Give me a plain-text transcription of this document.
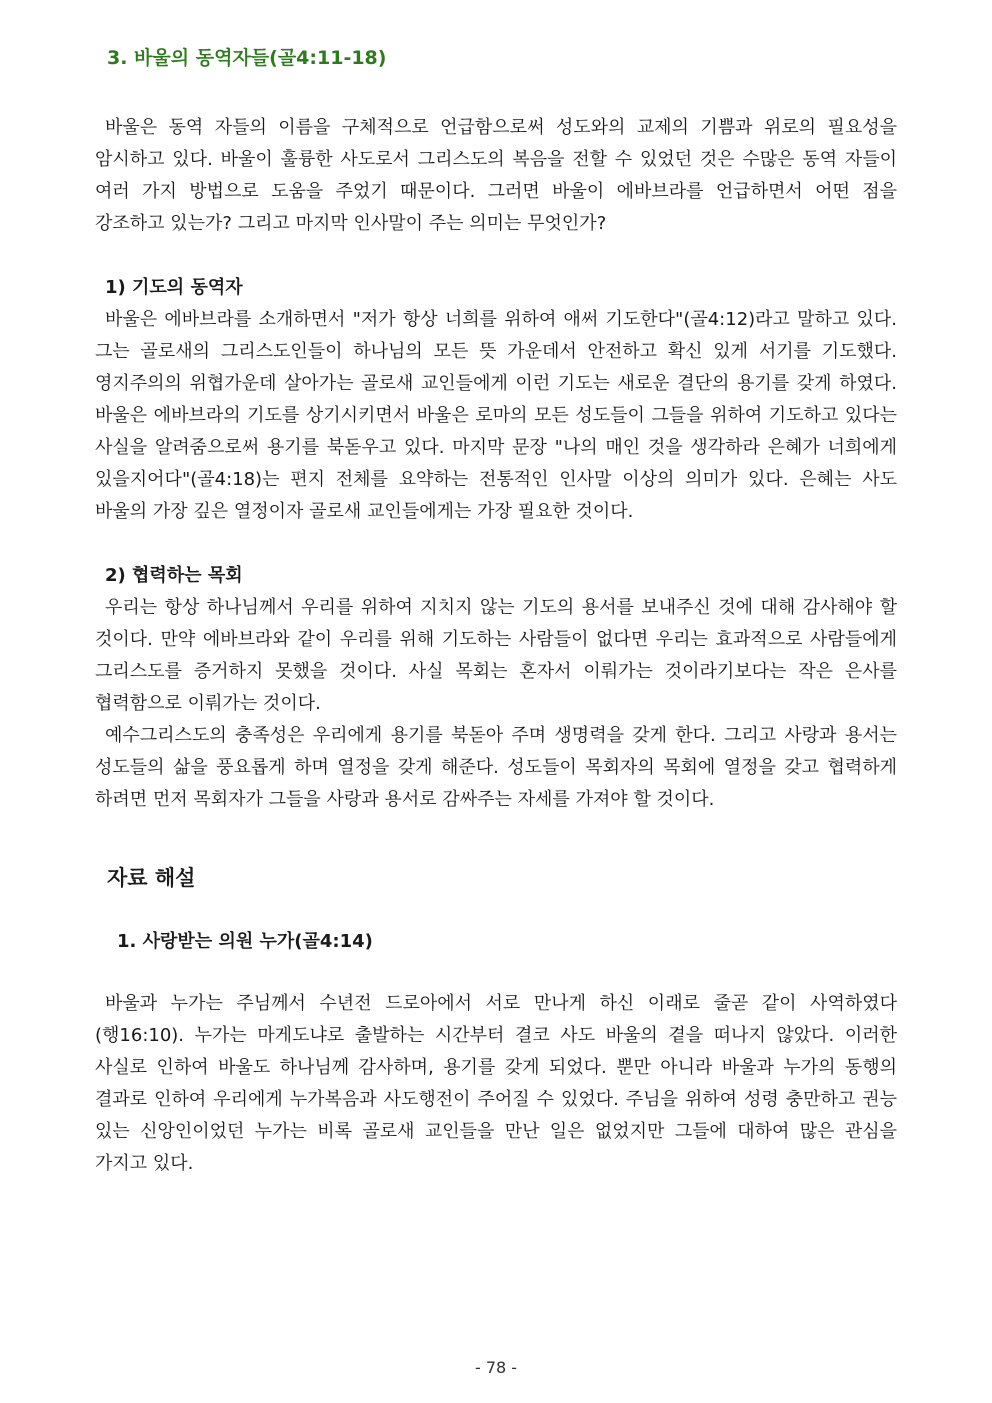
3. 바울의 동역자들(골4:11-18)

바울은 동역 자들의 이름을 구체적으로 언급함으로써 성도와의 교제의 기쁨과 위로의 필요성을 암시하고 있다. 바울이 훌륭한 사도로서 그리스도의 복음을 전할 수 있었던 것은 수많은 동역 자들이 여러 가지 방법으로 도움을 주었기 때문이다. 그러면 바울이 에바브라를 언급하면서 어떤 점을 강조하고 있는가? 그리고 마지막 인사말이 주는 의미는 무엇인가?

1) 기도의 동역자

바울은 에바브라를 소개하면서 "저가 항상 너희를 위하여 애써 기도한다"(골4:12)라고 말하고 있다. 그는 골로새의 그리스도인들이 하나님의 모든 뜻 가운데서 안전하고 확신 있게 서기를 기도했다. 영지주의의 위협가운데 살아가는 골로새 교인들에게 이런 기도는 새로운 결단의 용기를 갖게 하였다. 바울은 에바브라의 기도를 상기시키면서 바울은 로마의 모든 성도들이 그들을 위하여 기도하고 있다는 사실을 알려줌으로써 용기를 북돋우고 있다. 마지막 문장 "나의 매인 것을 생각하라 은혜가 너희에게 있을지어다"(골4:18)는 편지 전체를 요약하는 전통적인 인사말 이상의 의미가 있다. 은혜는 사도 바울의 가장 깊은 열정이자 골로새 교인들에게는 가장 필요한 것이다.

2) 협력하는 목회

우리는 항상 하나님께서 우리를 위하여 지치지 않는 기도의 용서를 보내주신 것에 대해 감사해야 할 것이다. 만약 에바브라와 같이 우리를 위해 기도하는 사람들이 없다면 우리는 효과적으로 사람들에게 그리스도를 증거하지 못했을 것이다. 사실 목회는 혼자서 이뤄가는 것이라기보다는 작은 은사를 협력함으로 이뤄가는 것이다.

예수그리스도의 충족성은 우리에게 용기를 북돋아 주며 생명력을 갖게 한다. 그리고 사랑과 용서는 성도들의 삶을 풍요롭게 하며 열정을 갖게 해준다. 성도들이 목회자의 목회에 열정을 갖고 협력하게 하려면 먼저 목회자가 그들을 사랑과 용서로 감싸주는 자세를 가져야 할 것이다.

자료 해설
1. 사랑받는 의원 누가(골4:14)

바울과 누가는 주님께서 수년전 드로아에서 서로 만나게 하신 이래로 줄곧 같이 사역하였다(행16:10). 누가는 마게도냐로 출발하는 시간부터 결코 사도 바울의 곁을 떠나지 않았다. 이러한 사실로 인하여 바울도 하나님께 감사하며, 용기를 갖게 되었다. 뿐만 아니라 바울과 누가의 동행의 결과로 인하여 우리에게 누가복음과 사도행전이 주어질 수 있었다. 주님을 위하여 성령 충만하고 권능 있는 신앙인이었던 누가는 비록 골로새 교인들을 만난 일은 없었지만 그들에 대하여 많은 관심을 가지고 있다.

- 78 -
